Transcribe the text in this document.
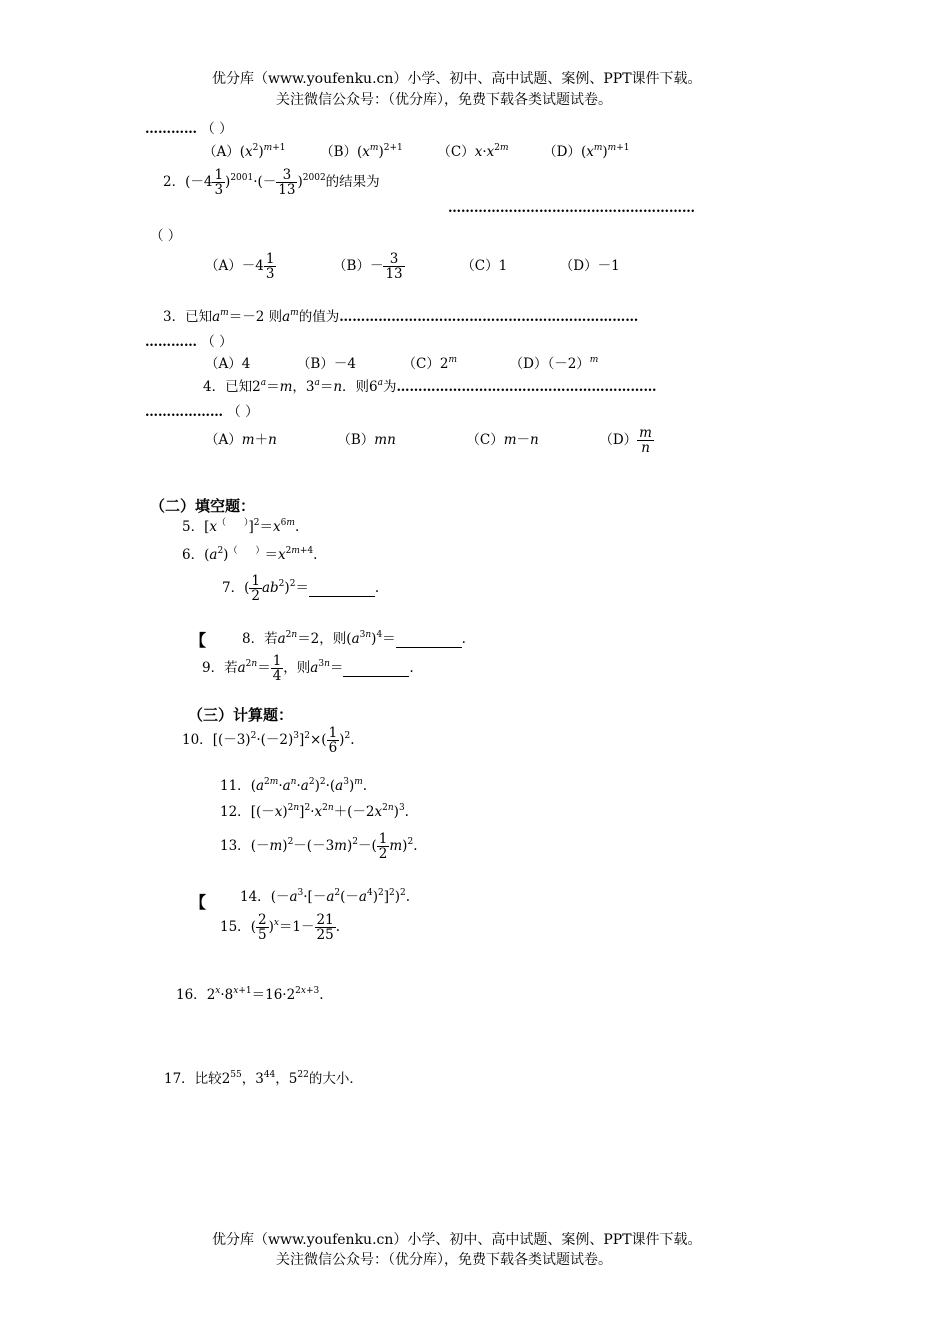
优分库（www.youfenku.cn）小学、初中、高中试题、案例、PPT课件下载。
关注微信公众号：（优分库），免费下载各类试题试卷。
………… （ ）
$(A)(x^2)^{m+1}$	$(B)(x^m)^{2+1}$	$(C)x\cdot x^{2m}$	$(D)(x^m)^{m+1}$
2．$(-4 \frac{1}{3} )^{2001}\cdot(- \frac{3}{13} )^{2002}$的结果为
…………………………………………………
（ ）
$(A)-4 \frac{1}{3}$	$(B)- \frac{3}{13}$	（C）1	（D）－1
3．已知$a^m=-2$ 则$a^m$的值为……………………………………………………………
………… （ ）
（A）4	（B）－4	（C）2$^m$	$(D)(-2)^m$
4．已知$2^a=m$，$3^a=n$．则6$^a$为……………………………………………………
……………… （ ）
（A）m＋n	（B）mn	（C）m－n	$(D) \frac{m}{n}$
（二）填空题：
5．$[x^{( )}]^2=x^{6m}$.
6．$(a^2)^{( )}=x^{2m+4}$.
7．( $\frac{1}{2} ab^2)^2=$	.
【	8．若$a^{2n}=2$，则$(a^{3n})^4=$	.
9．若$a^{2n}= \frac{1}{4}$ ，则$a^{3n}=$	.
（三）计算题：
10．$[(-3)^2\cdot(-2)^3]^2\times( \frac{1}{6} )^2$.
11．$(a^{2m}\cdot a^n\cdot a^2)^2\cdot(a^3)^m$.
12．$[(-x)^{2n}]^2\cdot x^{2n}+(-2x^{2n})^3$.
13．$(-m)^2-(-3m)^2-( \frac{1}{2} m)^2$.
【	14．$(-a^3\cdot[-a^2(-a^4)^2]^2)^2$.
15．( $\frac{2}{5} )^x=1- \frac{21}{25}$ .
16．$2^x\cdot 8^{x+1}=16\cdot 2^{2x+3}$.
17．比较$2^{55}$，$3^{44}$，$5^{22}$的大小．
优分库（www.youfenku.cn）小学、初中、高中试题、案例、PPT课件下载。
关注微信公众号：（优分库），免费下载各类试题试卷。
